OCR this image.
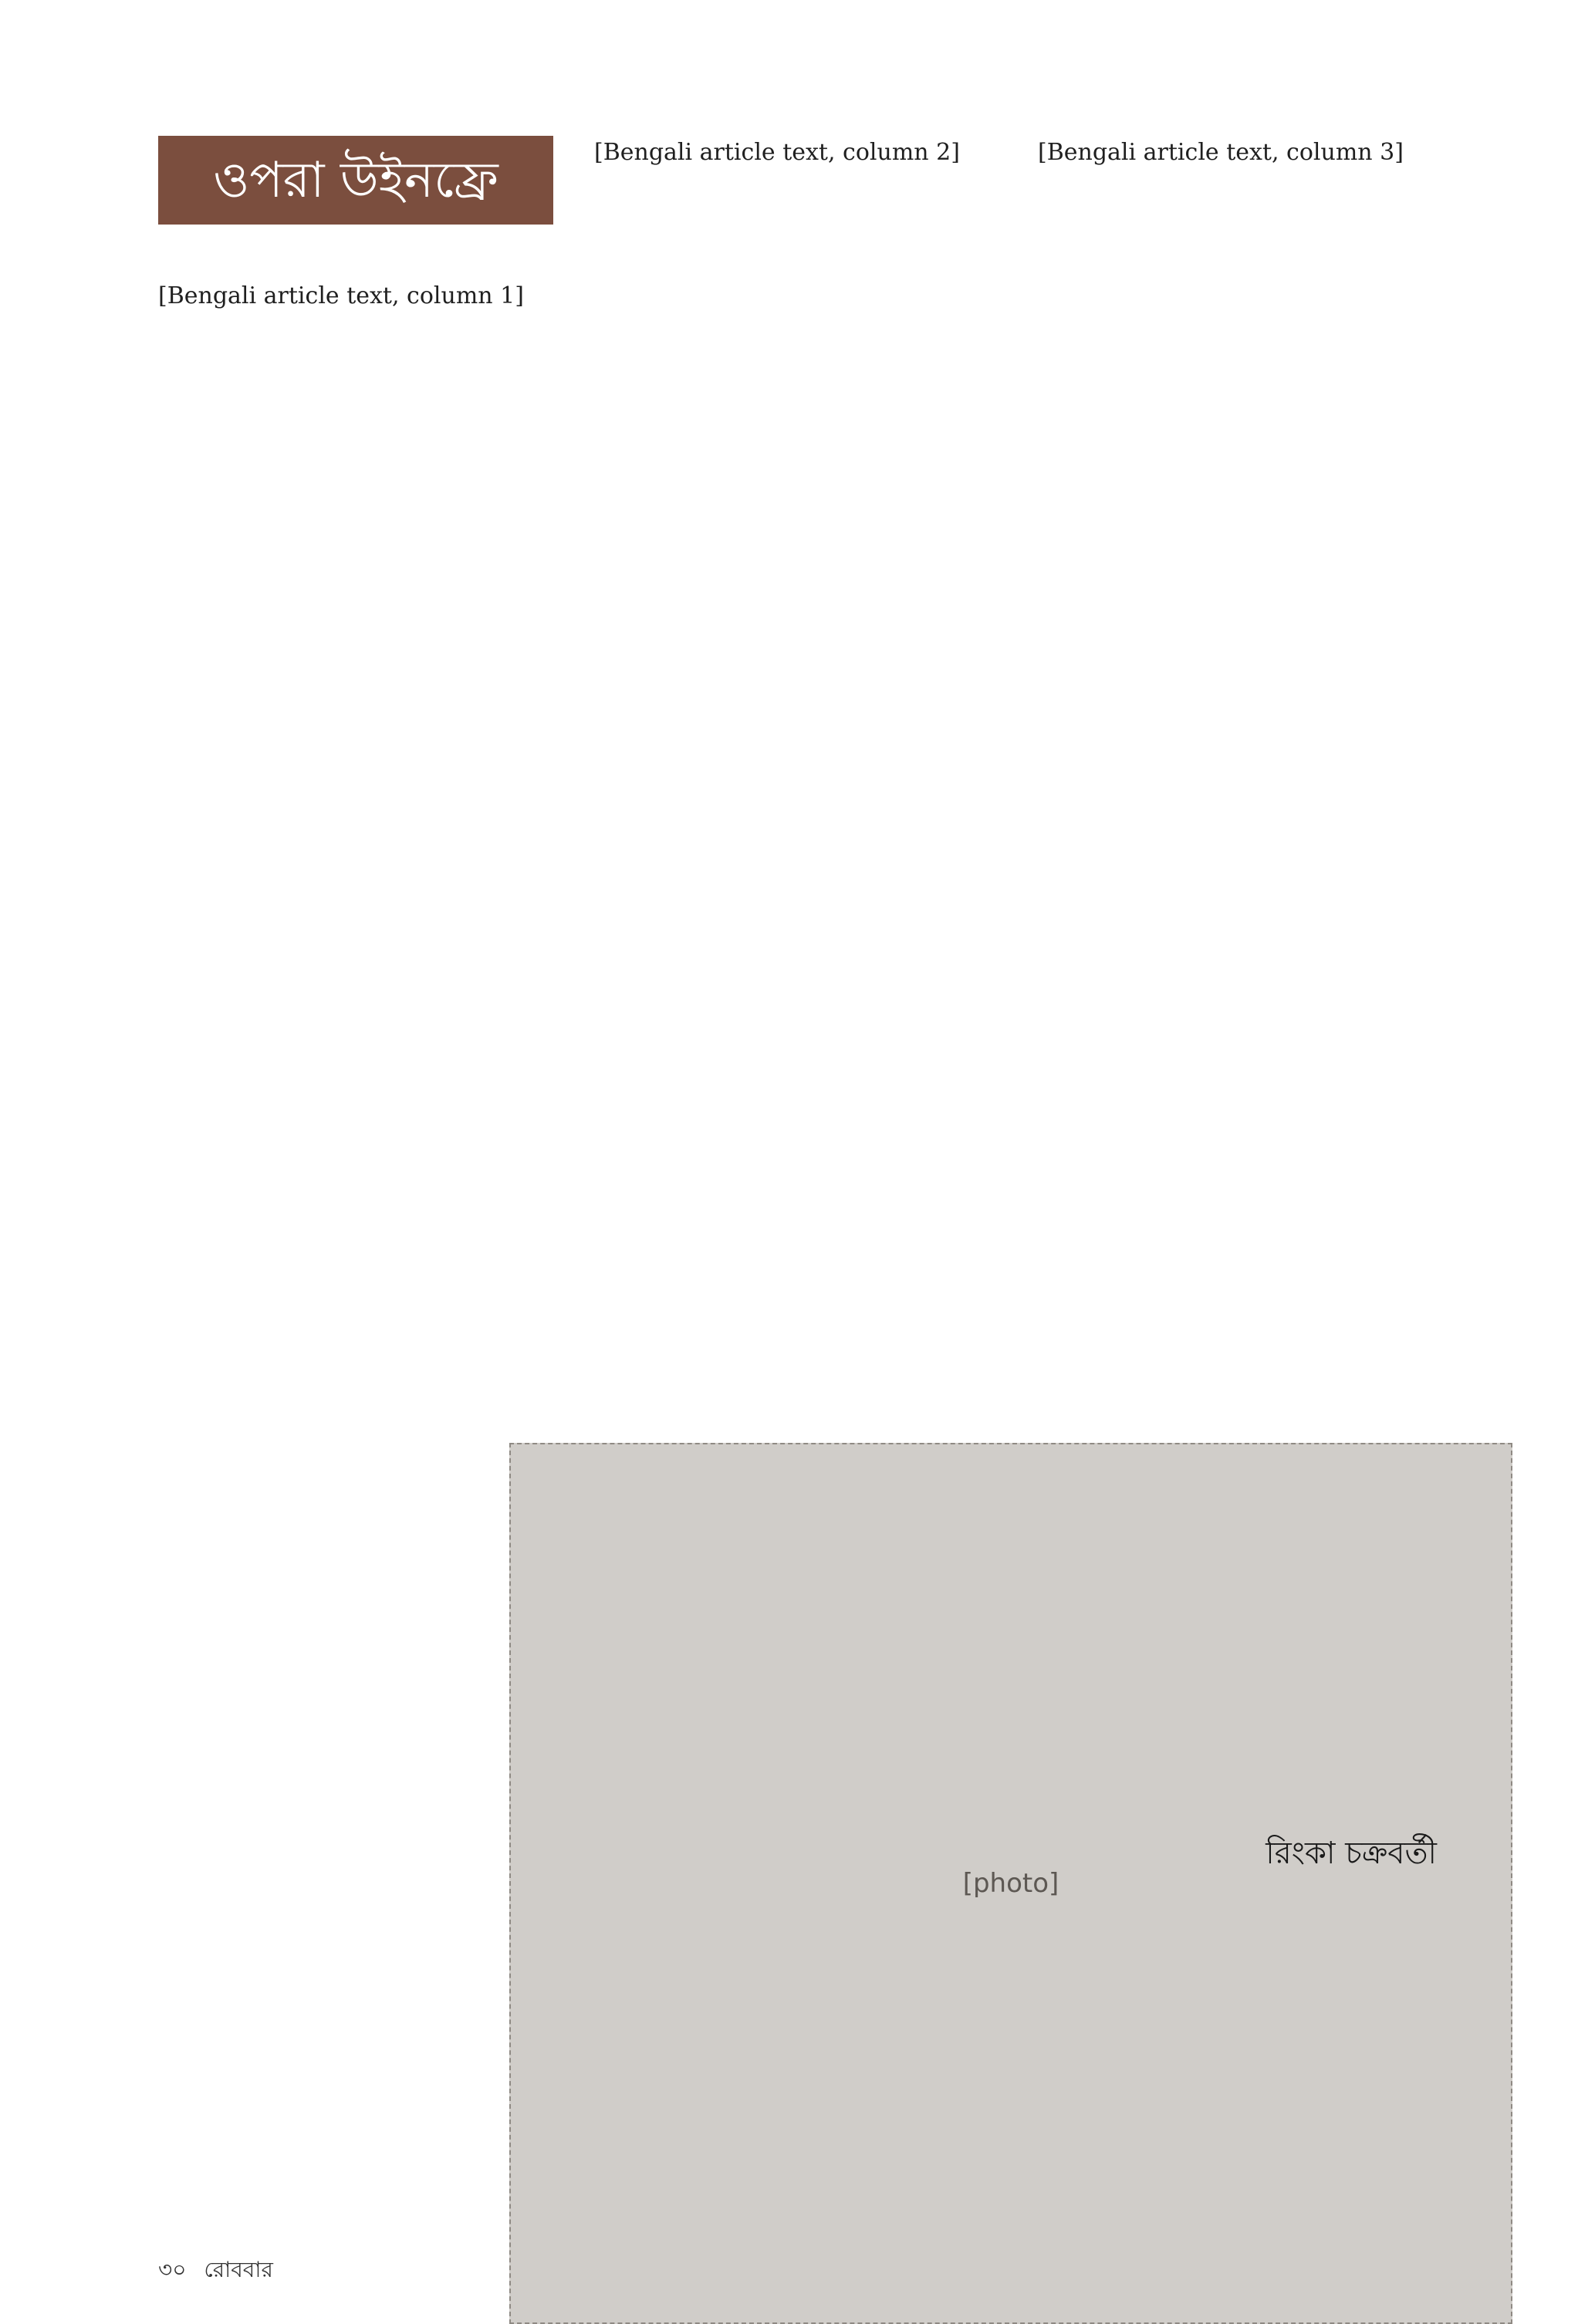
ওপরা উইনফ্রে

[Bengali article text, column 1]

[Bengali article text, column 2]	[Bengali article text, column 3]

[photo]
রিংকা চক্রবর্তী
৩০ রোববার
